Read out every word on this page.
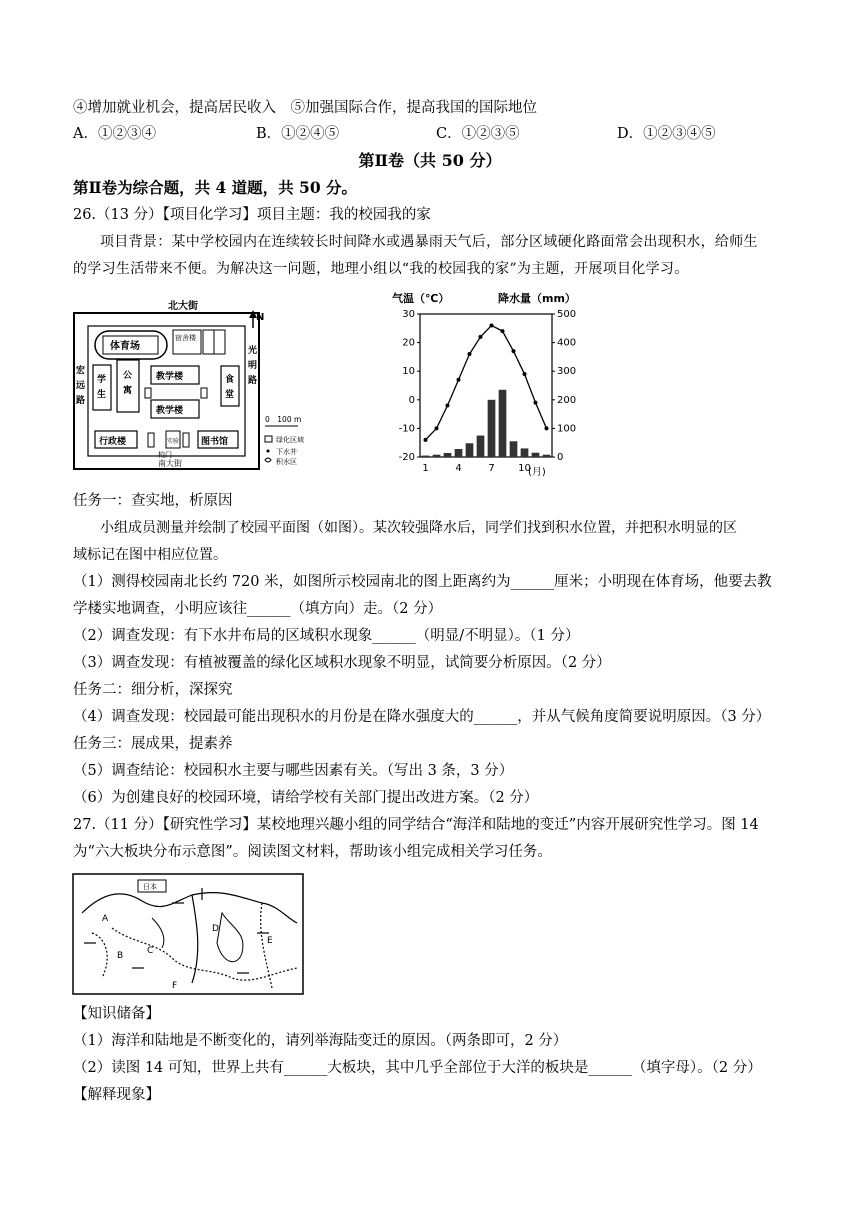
④增加就业机会，提高居民收入　⑤加强国际合作，提高我国的国际地位
A．①②③④	B．①②④⑤	C．①②③⑤	D．①②③④⑤
第Ⅱ卷（共 50 分）
第Ⅱ卷为综合题，共 4 道题，共 50 分。
26.（13 分）【项目化学习】项目主题：我的校园我的家
项目背景：某中学校园内在连续较长时间降水或遇暴雨天气后，部分区域硬化路面常会出现积水，给师生
的学习生活带来不便。为解决这一问题，地理小组以“我的校园我的家”为主题，开展项目化学习。
北大街
南大街
校门
宏
远
路
光
明
路
N
体育场
宿舍楼
学
生
公
寓
教学楼
教学楼
食
堂
行政楼	实验 图书馆
0　100 m
绿化区域
下水井
积水区
气温（℃）	降水量（mm）
30
20
10
0
-10
-20
500
400
300
200
100
0
1	4	7 10
(月)
任务一：查实地，析原因
小组成员测量并绘制了校园平面图（如图）。某次较强降水后，同学们找到积水位置，并把积水明显的区
域标记在图中相应位置。
（1）测得校园南北长约 720 米，如图所示校园南北的图上距离约为______厘米；小明现在体育场，他要去教
学楼实地调查，小明应该往______（填方向）走。（2 分）
（2）调查发现：有下水井布局的区域积水现象______（明显/不明显）。（1 分）
（3）调查发现：有植被覆盖的绿化区域积水现象不明显，试简要分析原因。（2 分）
任务二：细分析，深探究
（4）调查发现：校园最可能出现积水的月份是在降水强度大的______，并从气候角度简要说明原因。（3 分）
任务三：展成果，提素养
（5）调查结论：校园积水主要与哪些因素有关。（写出 3 条，3 分）
（6）为创建良好的校园环境，请给学校有关部门提出改进方案。（2 分）
27.（11 分）【研究性学习】某校地理兴趣小组的同学结合“海洋和陆地的变迁”内容开展研究性学习。图 14
为“六大板块分布示意图”。阅读图文材料，帮助该小组完成相关学习任务。
日本
A
B	C
D
E
F
【知识储备】
（1）海洋和陆地是不断变化的，请列举海陆变迁的原因。（两条即可，2 分）
（2）读图 14 可知，世界上共有______大板块，其中几乎全部位于大洋的板块是______（填字母）。（2 分）
【解释现象】
